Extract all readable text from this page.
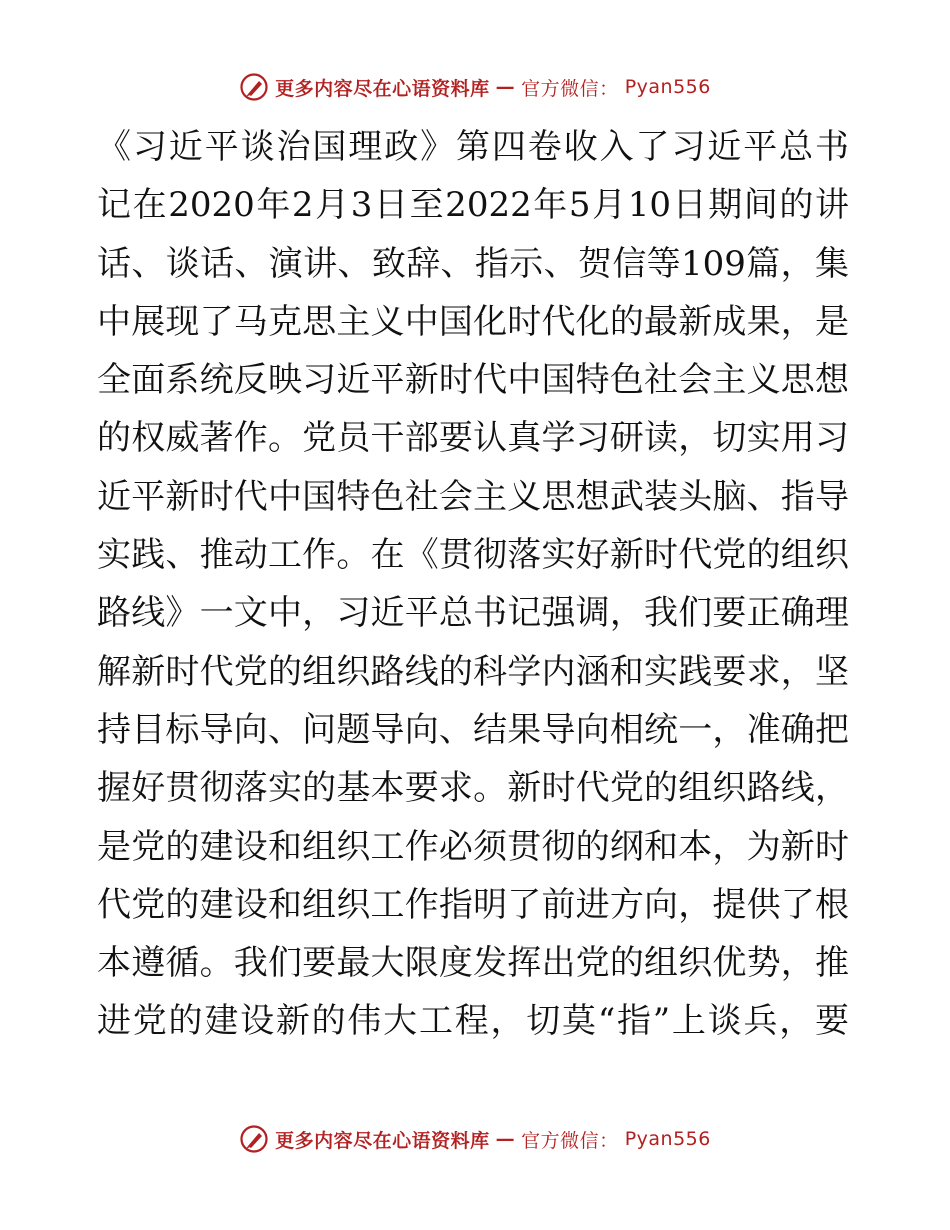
更多内容尽在心语资料库 — 官方微信： Pyan556
《习近平谈治国理政》第四卷收入了习近平总书
记在2020年2月3日至2022年5月10日期间的讲
话、谈话、演讲、致辞、指示、贺信等109篇，集
中展现了马克思主义中国化时代化的最新成果，是
全面系统反映习近平新时代中国特色社会主义思想
的权威著作。党员干部要认真学习研读，切实用习
近平新时代中国特色社会主义思想武装头脑、指导
实践、推动工作。在《贯彻落实好新时代党的组织
路线》一文中，习近平总书记强调，我们要正确理
解新时代党的组织路线的科学内涵和实践要求，坚
持目标导向、问题导向、结果导向相统一，准确把
握好贯彻落实的基本要求。新时代党的组织路线，
是党的建设和组织工作必须贯彻的纲和本，为新时
代党的建设和组织工作指明了前进方向，提供了根
本遵循。我们要最大限度发挥出党的组织优势，推
进党的建设新的伟大工程，切莫“指”上谈兵，要
更多内容尽在心语资料库 — 官方微信： Pyan556
